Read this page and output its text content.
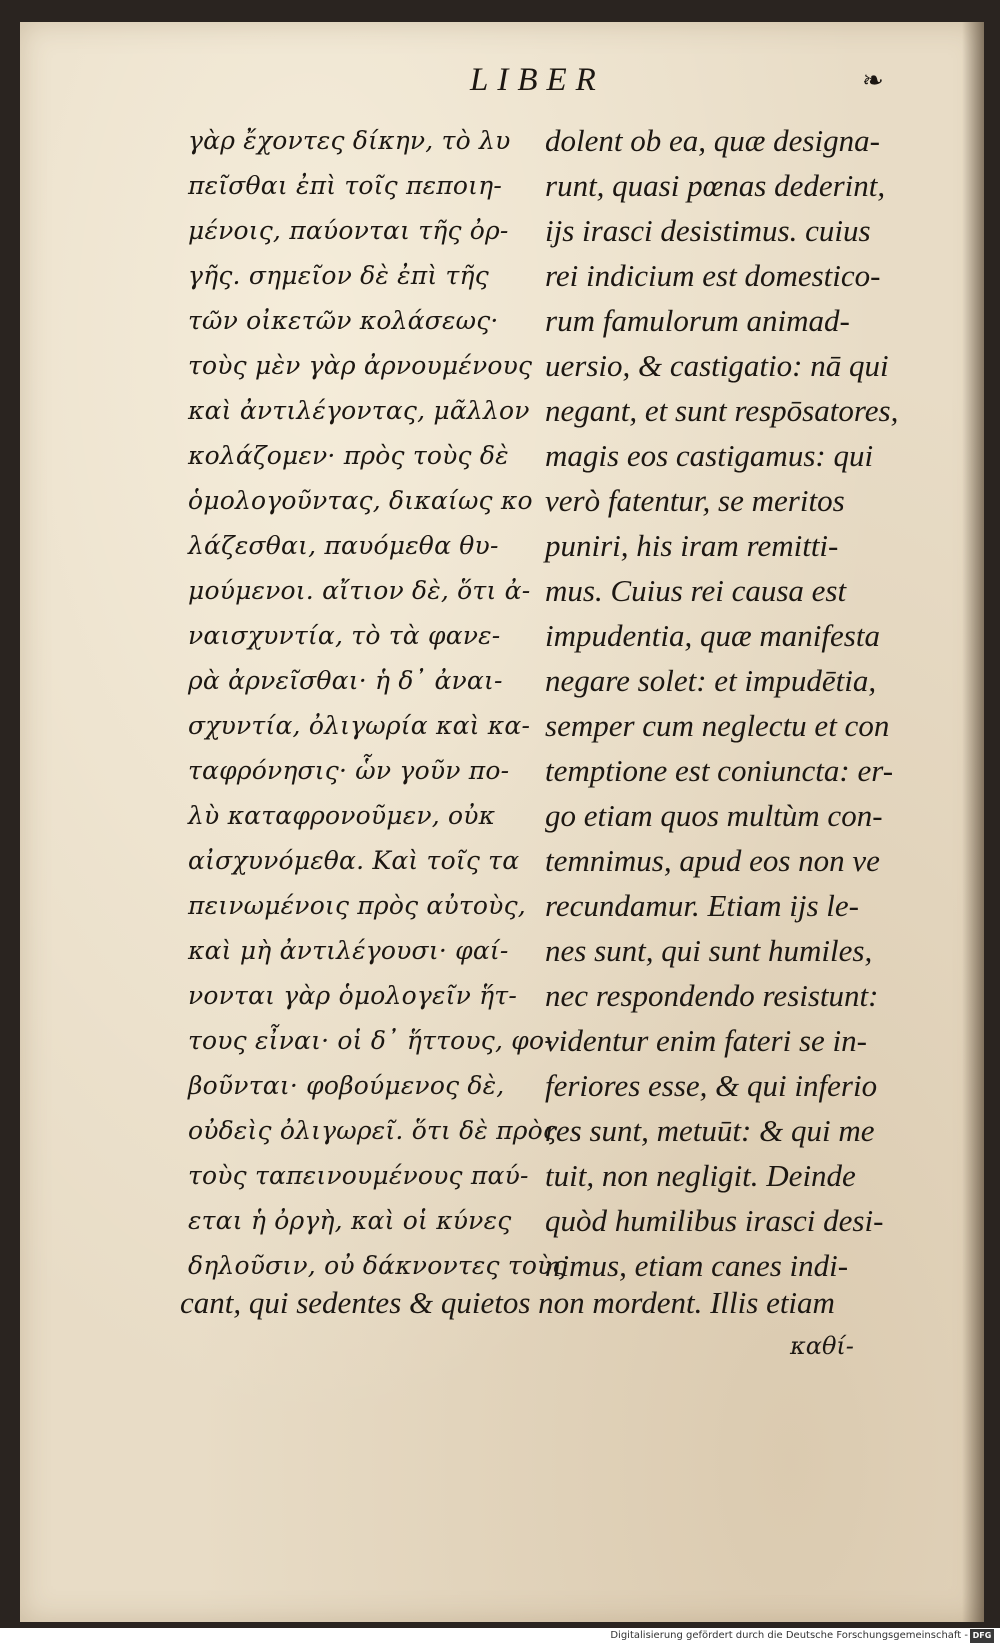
LIBER	❧
γὰρ ἔχοντες δίκην, τὸ λυ
πεῖσθαι ἐπὶ τοῖς πεποιη-
μένοις, παύονται τῆς ὀρ-
γῆς. σημεῖον δὲ ἐπὶ τῆς
τῶν οἰκετῶν κολάσεως·
τοὺς μὲν γὰρ ἀρνουμένους
καὶ ἀντιλέγοντας, μᾶλλον
κολάζομεν· πρὸς τοὺς δὲ
ὁμολογοῦντας, δικαίως κο
λάζεσθαι, παυόμεθα θυ-
μούμενοι. αἴτιον δὲ, ὅτι ἀ-
ναισχυντία, τὸ τὰ φανε-
ρὰ ἀρνεῖσθαι· ἡ δ᾽ ἀναι-
σχυντία, ὀλιγωρία καὶ κα-
ταφρόνησις· ὧν γοῦν πο-
λὺ καταφρονοῦμεν, οὐκ
αἰσχυνόμεθα. Καὶ τοῖς τα
πεινωμένοις πρὸς αὐτοὺς,
καὶ μὴ ἀντιλέγουσι· φαί-
νονται γὰρ ὁμολογεῖν ἥτ-
τους εἶναι· οἱ δ᾽ ἥττους, φο-
βοῦνται· φοβούμενος δὲ,
οὐδεὶς ὀλιγωρεῖ. ὅτι δὲ πρὸς
τοὺς ταπεινουμένους παύ-
εται ἡ ὀργὴ, καὶ οἱ κύνες
δηλοῦσιν, οὐ δάκνοντες τοὺς
dolent ob ea, quæ designa-
runt, quasi pœnas dederint,
ijs irasci desistimus. cuius
rei indicium est domestico-
rum famulorum animad-
uersio, & castigatio: nā qui
negant, et sunt respōsatores,
magis eos castigamus: qui
verò fatentur, se meritos
puniri, his iram remitti-
mus. Cuius rei causa est
impudentia, quæ manifesta
negare solet: et impudētia,
semper cum neglectu et con
temptione est coniuncta: er-
go etiam quos multùm con-
temnimus, apud eos non ve
recundamur. Etiam ijs le-
nes sunt, qui sunt humiles,
nec respondendo resistunt:
videntur enim fateri se in-
feriores esse, & qui inferio
res sunt, metuūt: & qui me
tuit, non negligit. Deinde
quòd humilibus irasci desi-
nimus, etiam canes indi-
cant, qui sedentes & quietos non mordent. Illis etiam
καθί-
Digitalisierung gefördert durch die Deutsche Forschungsgemeinschaft - DFG
